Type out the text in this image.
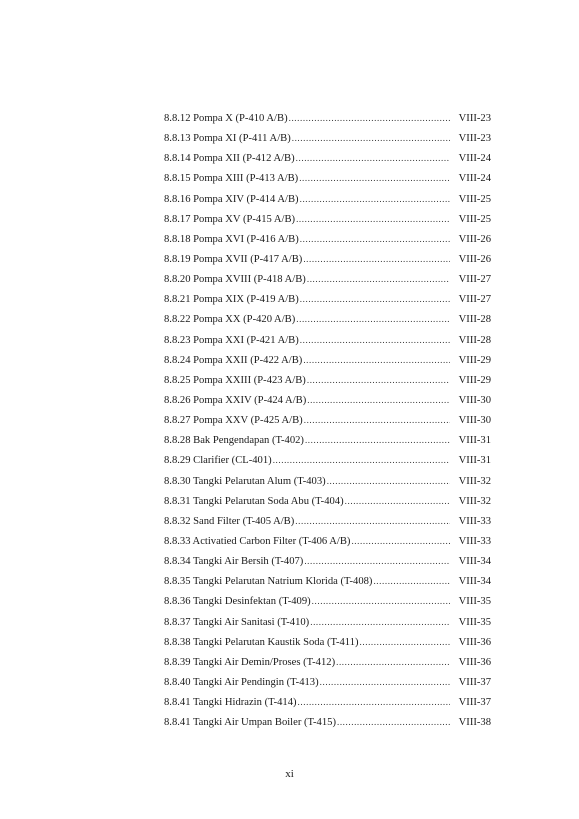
8.8.12 Pompa X (P-410 A/B) .....	VIII-23
8.8.13 Pompa XI (P-411 A/B) .....	VIII-23
8.8.14 Pompa XII (P-412 A/B) .....	VIII-24
8.8.15 Pompa XIII (P-413 A/B) .....	VIII-24
8.8.16 Pompa XIV (P-414 A/B) .....	VIII-25
8.8.17 Pompa XV (P-415 A/B) .....	VIII-25
8.8.18 Pompa XVI (P-416 A/B) .....	VIII-26
8.8.19 Pompa XVII (P-417 A/B) .....	VIII-26
8.8.20 Pompa XVIII (P-418 A/B) .....	VIII-27
8.8.21 Pompa XIX (P-419 A/B) .....	VIII-27
8.8.22 Pompa XX (P-420 A/B) .....	VIII-28
8.8.23 Pompa XXI (P-421 A/B) .....	VIII-28
8.8.24 Pompa XXII (P-422 A/B) .....	VIII-29
8.8.25 Pompa XXIII (P-423 A/B) .....	VIII-29
8.8.26 Pompa XXIV (P-424 A/B) .....	VIII-30
8.8.27 Pompa XXV (P-425 A/B) .....	VIII-30
8.8.28 Bak Pengendapan (T-402) .....	VIII-31
8.8.29 Clarifier (CL-401) .....	VIII-31
8.8.30 Tangki Pelarutan Alum (T-403) .....	VIII-32
8.8.31 Tangki Pelarutan Soda Abu (T-404) .....	VIII-32
8.8.32 Sand Filter (T-405 A/B) .....	VIII-33
8.8.33 Activatied Carbon Filter (T-406 A/B) .....	VIII-33
8.8.34 Tangki Air Bersih (T-407) .....	VIII-34
8.8.35 Tangki Pelarutan Natrium Klorida (T-408) .....	VIII-34
8.8.36 Tangki Desinfektan (T-409) .....	VIII-35
8.8.37 Tangki Air Sanitasi (T-410) .....	VIII-35
8.8.38 Tangki Pelarutan Kaustik Soda (T-411) .....	VIII-36
8.8.39 Tangki Air Demin/Proses (T-412) .....	VIII-36
8.8.40 Tangki Air Pendingin (T-413) .....	VIII-37
8.8.41 Tangki Hidrazin (T-414) .....	VIII-37
8.8.41 Tangki Air Umpan Boiler (T-415) .....	VIII-38
xi
